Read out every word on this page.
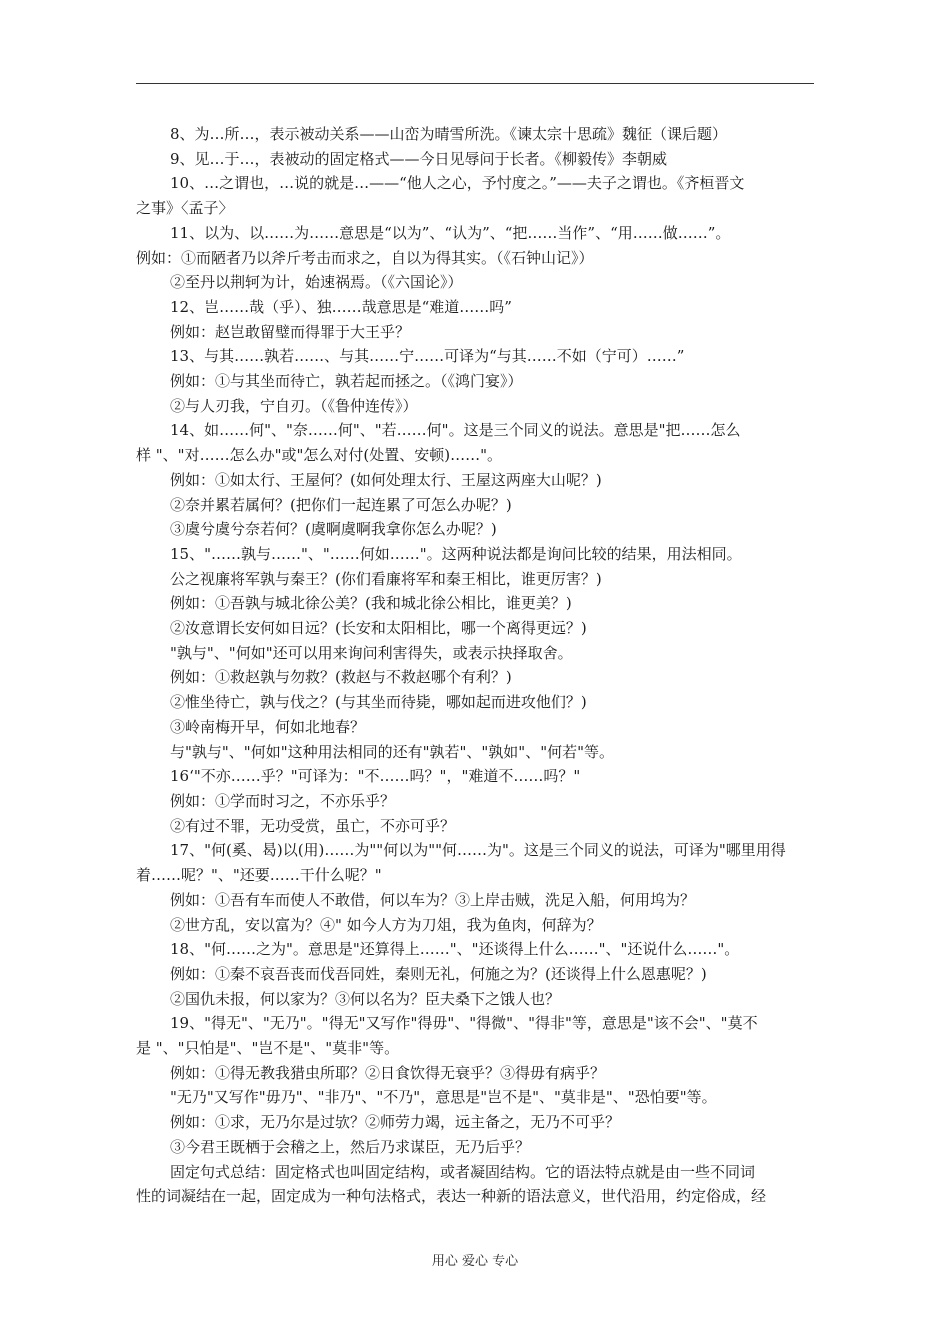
8、为…所…，表示被动关系——山峦为晴雪所洗。《谏太宗十思疏》魏征（课后题）

9、见…于…，表被动的固定格式——今日见辱问于长者。《柳毅传》李朝威

10、…之谓也，…说的就是…——“他人之心，予忖度之。”——夫子之谓也。《齐桓晋文

之事》〈孟子〉

11、以为、以……为……意思是“以为”、“认为”、“把……当作”、“用……做……”。

例如：①而陋者乃以斧斤考击而求之，自以为得其实。（《石钟山记》）

②至丹以荆轲为计，始速祸焉。（《六国论》）

12、岂……哉（乎）、独……哉意思是“难道……吗”

例如：赵岂敢留璧而得罪于大王乎？

13、与其……孰若……、与其……宁……可译为“与其……不如（宁可）……”

例如：①与其坐而待亡，孰若起而拯之。（《鸿门宴》）

②与人刃我，宁自刃。（《鲁仲连传》）

14、如……何"、"奈……何"、"若……何"。这是三个同义的说法。意思是"把……怎么

样 "、"对……怎么办"或"怎么对付(处置、安顿)……"。

例如：①如太行、王屋何？(如何处理太行、王屋这两座大山呢？)

②奈并累若属何？(把你们一起连累了可怎么办呢？)

③虞兮虞兮奈若何？(虞啊虞啊我拿你怎么办呢？)

15、"……孰与……"、"……何如……"。这两种说法都是询问比较的结果，用法相同。

公之视廉将军孰与秦王？(你们看廉将军和秦王相比，谁更厉害？)

例如：①吾孰与城北徐公美？(我和城北徐公相比，谁更美？)

②汝意谓长安何如日远？(长安和太阳相比，哪一个离得更远？)

"孰与"、"何如"还可以用来询问利害得失，或表示抉择取舍。

例如：①救赵孰与勿救？(救赵与不救赵哪个有利？)

②惟坐待亡，孰与伐之？(与其坐而待毙，哪如起而进攻他们？)

③岭南梅开早，何如北地春？

与"孰与"、"何如"这种用法相同的还有"孰若"、"孰如"、"何若"等。

16‘"不亦……乎？"可译为："不……吗？"，"难道不……吗？"

例如：①学而时习之，不亦乐乎？

②有过不罪，无功受赏，虽亡，不亦可乎？

17、"何(奚、曷)以(用)……为""何以为""何……为"。这是三个同义的说法，可译为"哪里用得

着……呢？"、"还要……干什么呢？"

例如：①吾有车而使人不敢借，何以车为？③上岸击贼，洗足入船，何用坞为？

②世方乱，安以富为？④" 如今人方为刀俎，我为鱼肉，何辞为？

18、"何……之为"。意思是"还算得上……"、"还谈得上什么……"、"还说什么……"。

例如：①秦不哀吾丧而伐吾同姓，秦则无礼，何施之为？(还谈得上什么恩惠呢？)

②国仇未报，何以家为？③何以名为？臣夫桑下之饿人也？

19、"得无"、"无乃"。"得无"又写作"得毋"、"得微"、"得非"等，意思是"该不会"、"莫不

是 "、"只怕是"、"岂不是"、"莫非"等。

例如：①得无教我猎虫所耶？②日食饮得无衰乎？③得毋有病乎？

"无乃"又写作"毋乃"、"非乃"、"不乃"，意思是"岂不是"、"莫非是"、"恐怕要"等。

例如：①求，无乃尔是过欤？②师劳力竭，远主备之，无乃不可乎？

③今君王既栖于会稽之上，然后乃求谋臣，无乃后乎？

固定句式总结：固定格式也叫固定结构，或者凝固结构。它的语法特点就是由一些不同词

性的词凝结在一起，固定成为一种句法格式，表达一种新的语法意义，世代沿用，约定俗成，经

用心 爱心 专心
